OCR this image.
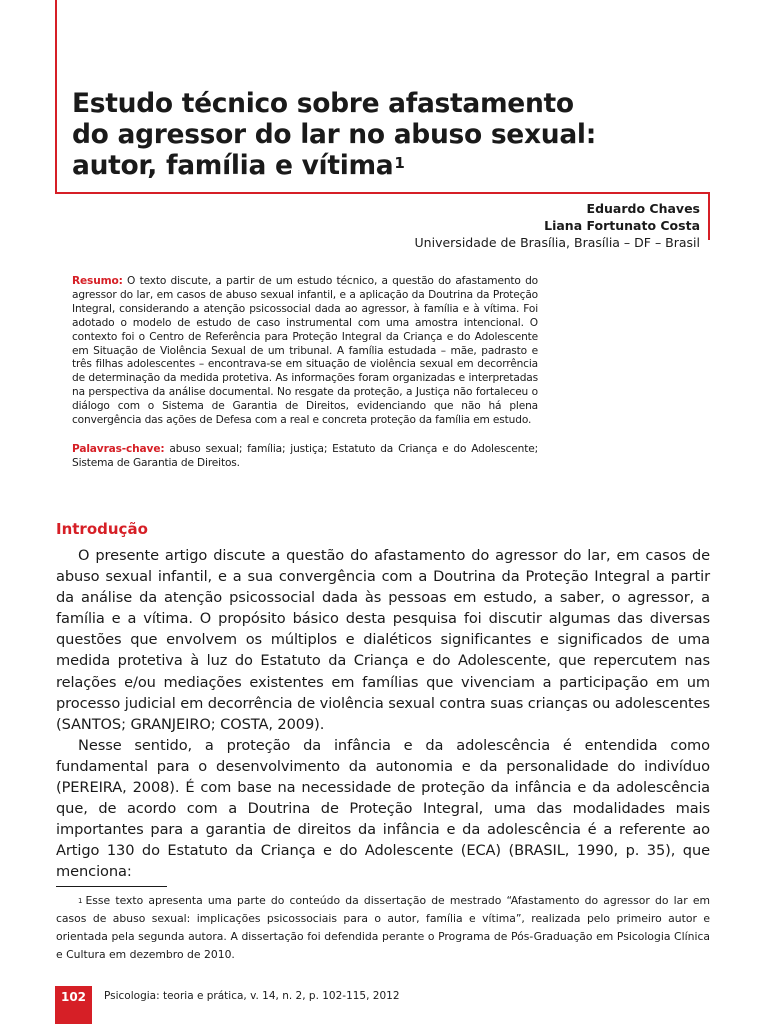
Estudo técnico sobre afastamento
do agressor do lar no abuso sexual:
autor, família e vítima$^1$
Eduardo Chaves
Liana Fortunato Costa
Universidade de Brasília, Brasília – DF – Brasil

Resumo: O texto discute, a partir de um estudo técnico, a questão do afastamento do agressor do lar, em casos de abuso sexual infantil, e a aplicação da Doutrina da Proteção Integral, considerando a atenção psicossocial dada ao agressor, à família e à vítima. Foi adotado o modelo de estudo de caso instrumental com uma amostra intencional. O contexto foi o Centro de Referência para Proteção Integral da Criança e do Adolescente em Situação de Violência Sexual de um tribunal. A família estudada – mãe, padrasto e três filhas adolescentes – encontrava-se em situação de violência sexual em decorrência de determinação da medida protetiva. As informações foram organizadas e interpretadas na perspectiva da análise documental. No resgate da proteção, a Justiça não fortaleceu o diálogo com o Sistema de Garantia de Direitos, evidenciando que não há plena convergência das ações de Defesa com a real e concreta proteção da família em estudo.

Palavras-chave: abuso sexual; família; justiça; Estatuto da Criança e do Adolescente; Sistema de Garantia de Direitos.

Introdução

O presente artigo discute a questão do afastamento do agressor do lar, em casos de abuso sexual infantil, e a sua convergência com a Doutrina da Proteção Integral a partir da análise da atenção psicossocial dada às pessoas em estudo, a saber, o agressor, a família e a vítima. O propósito básico desta pesquisa foi discutir algumas das diversas questões que envolvem os múltiplos e dialéticos significantes e significados de uma medida protetiva à luz do Estatuto da Criança e do Adolescente, que repercutem nas relações e/ou mediações existentes em famílias que vivenciam a participação em um processo judicial em decorrência de violência sexual contra suas crianças ou adolescentes (SANTOS; GRANJEIRO; COSTA, 2009).

Nesse sentido, a proteção da infância e da adolescência é entendida como fundamental para o desenvolvimento da autonomia e da personalidade do indivíduo (PEREIRA, 2008). É com base na necessidade de proteção da infância e da adolescência que, de acordo com a Doutrina de Proteção Integral, uma das modalidades mais importantes para a garantia de direitos da infância e da adolescência é a referente ao Artigo 130 do Estatuto da Criança e do Adolescente (ECA) (BRASIL, 1990, p. 35), que menciona:

$^1$ Esse texto apresenta uma parte do conteúdo da dissertação de mestrado “Afastamento do agressor do lar em casos de abuso sexual: implicações psicossociais para o autor, família e vítima”, realizada pelo primeiro autor e orientada pela segunda autora. A dissertação foi defendida perante o Programa de Pós-Graduação em Psicologia Clínica e Cultura em dezembro de 2010.

102	Psicologia: teoria e prática, v. 14, n. 2, p. 102-115, 2012
